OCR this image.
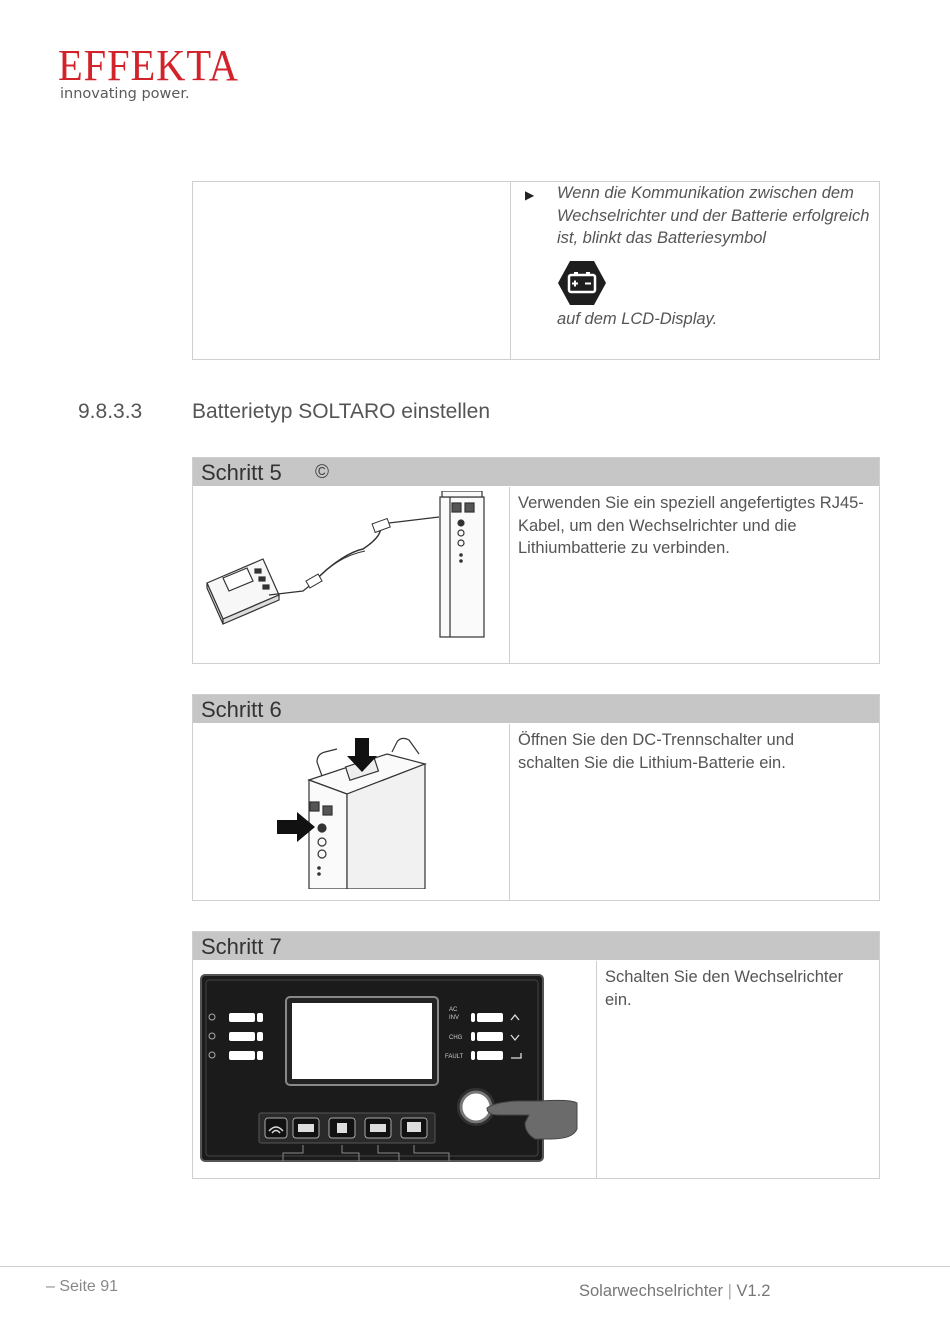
EFFEKTA
innovating power.
▶ Wenn die Kommunikation zwischen dem Wechselrichter und der Batterie erfolgreich ist, blinkt das Batteriesymbol
auf dem LCD-Display.
9.8.3.3 Batterietyp SOLTARO einstellen
Schritt 5 ©
Verwenden Sie ein speziell angefertigtes RJ45-Kabel, um den Wechselrichter und die Lithiumbatterie zu verbinden.
Schritt 6
Öffnen Sie den DC-Trennschalter und schalten Sie die Lithium-Batterie ein.
Schritt 7
AC
INV
CHG
FAULT
Schalten Sie den Wechselrichter ein.
– Seite 91	Solarwechselrichter | V1.2
